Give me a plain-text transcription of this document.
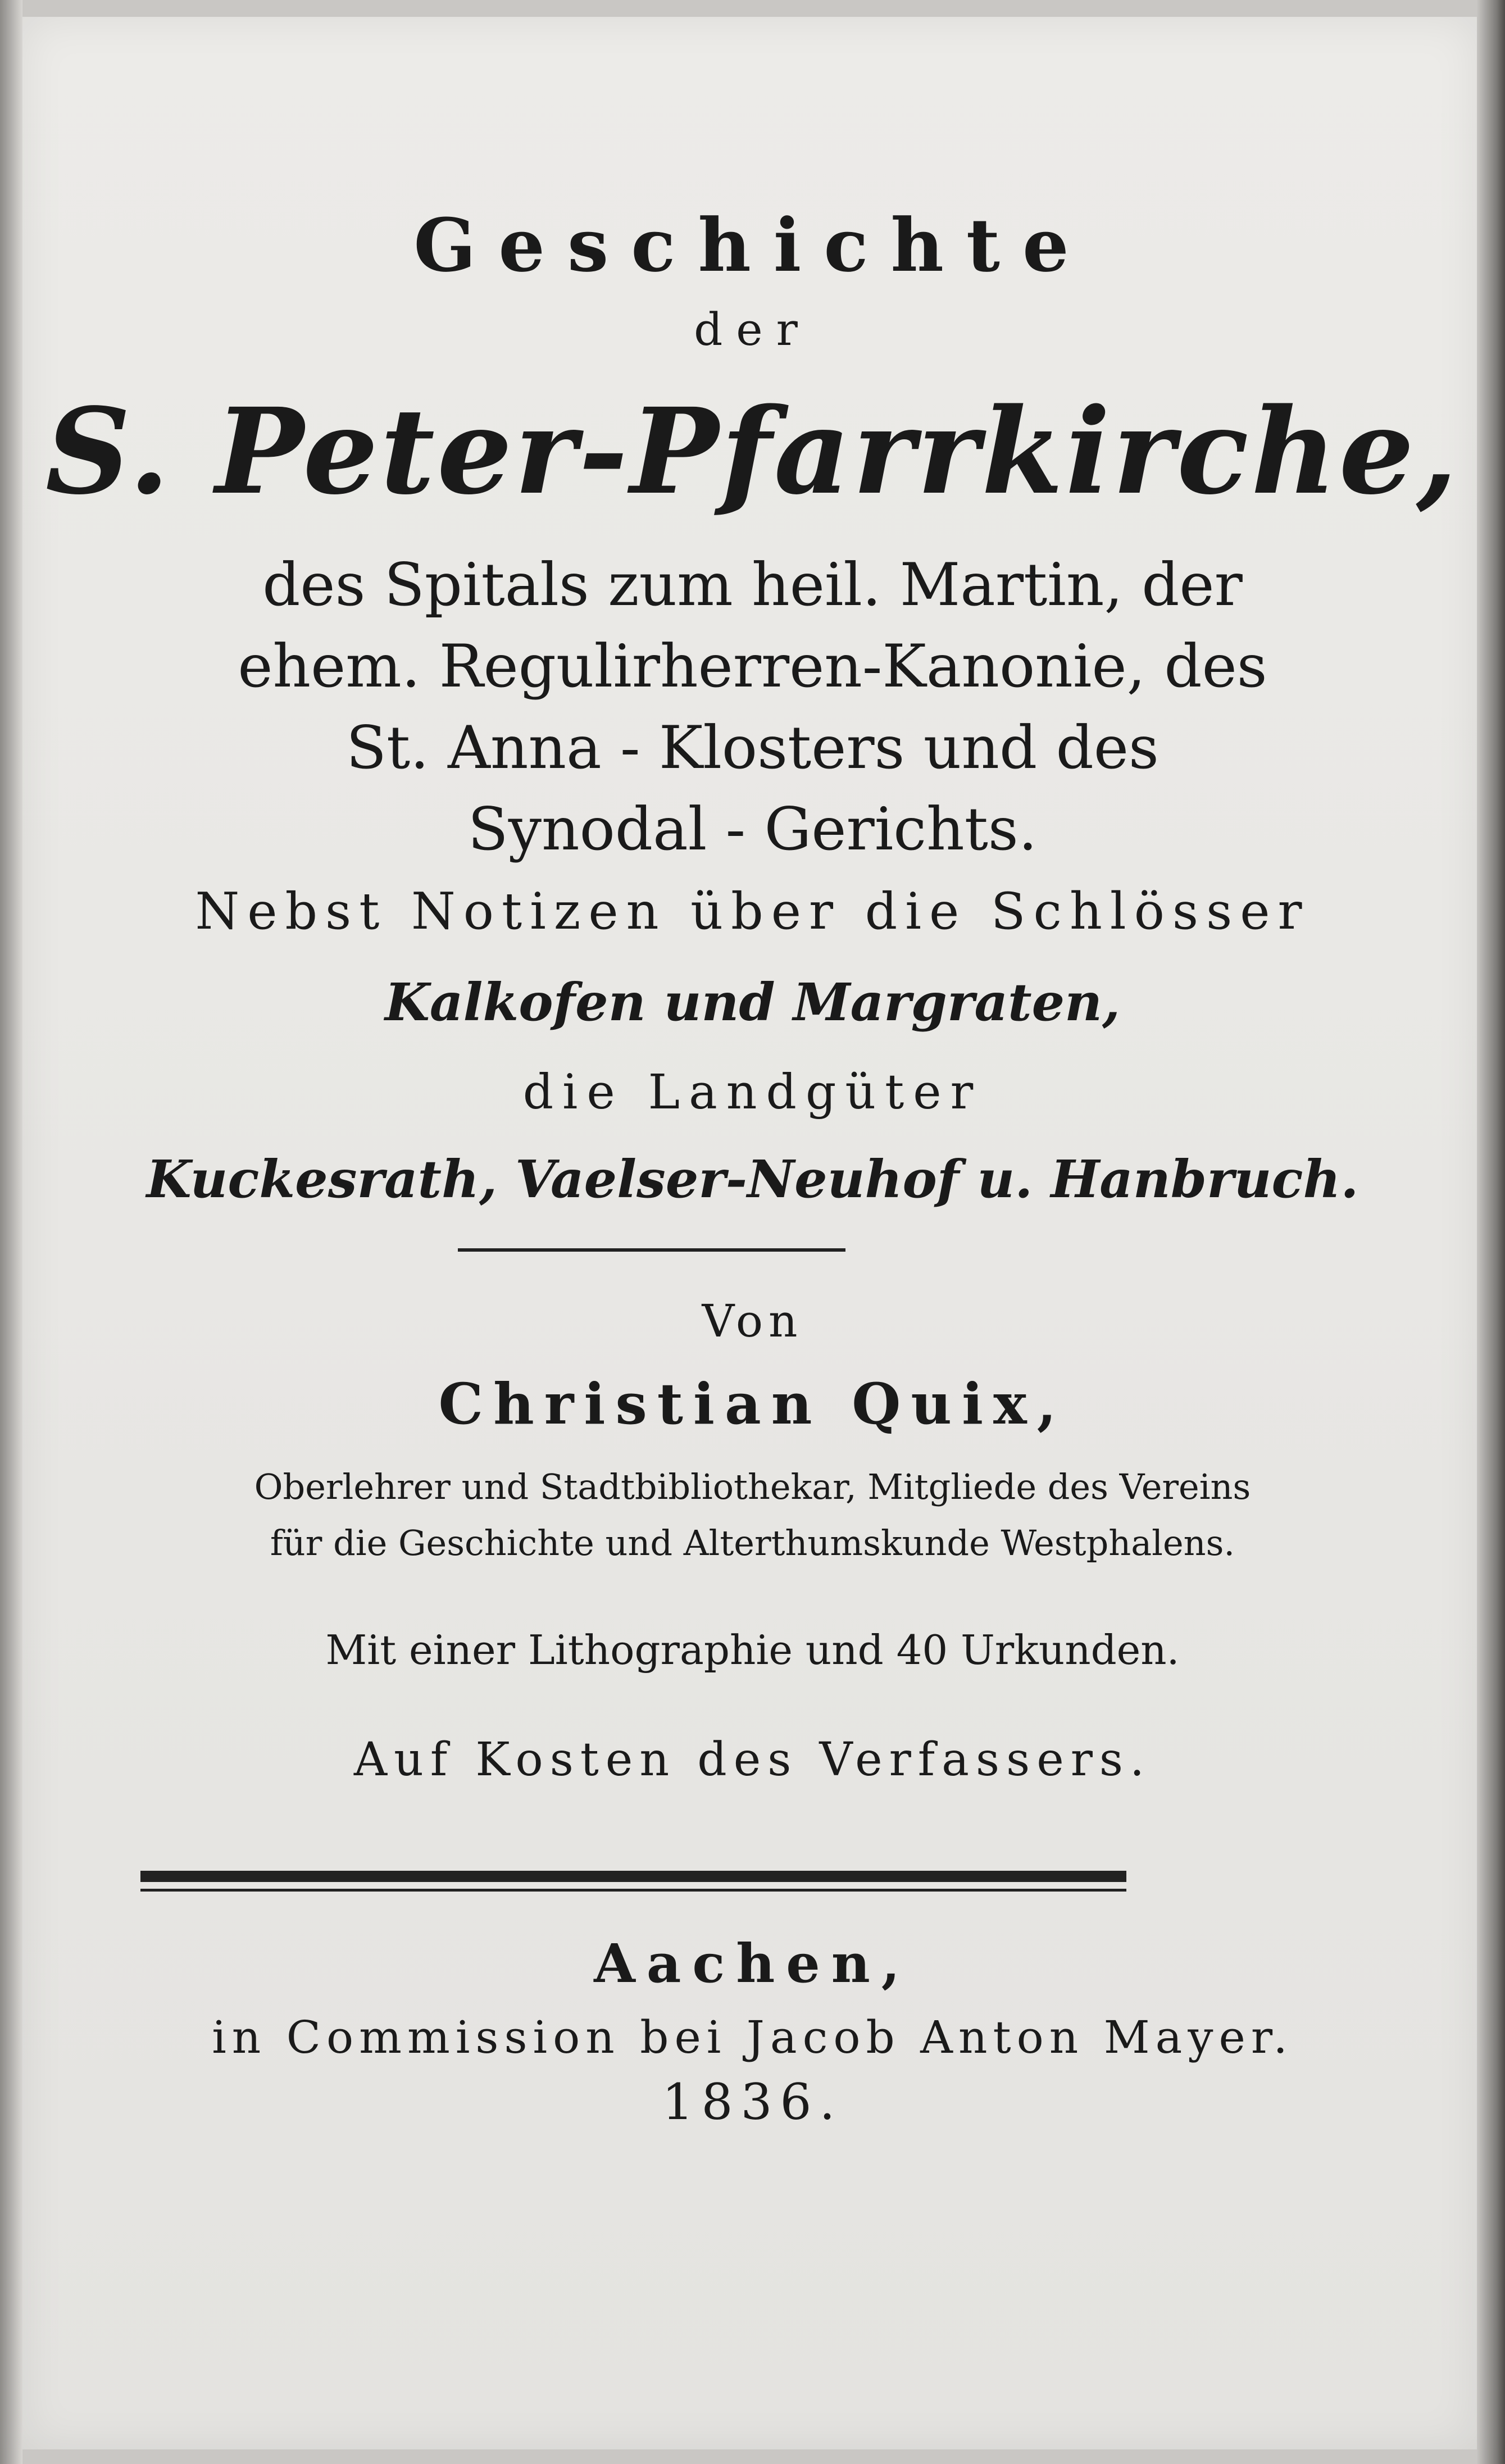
Geschichte
der
S. Peter-Pfarrkirche,
des Spitals zum heil. Martin, der
ehem. Regulirherren-Kanonie, des
St. Anna - Klosters und des
Synodal - Gerichts.
Nebst Notizen über die Schlösser
Kalkofen und Margraten,
die Landgüter
Kuckesrath, Vaelser-Neuhof u. Hanbruch.
Von
Christian Quix,
Oberlehrer und Stadtbibliothekar, Mitgliede des Vereins
für die Geschichte und Alterthumskunde Westphalens.
Mit einer Lithographie und 40 Urkunden.
Auf Kosten des Verfassers.
Aachen,
in Commission bei Jacob Anton Mayer.
1836.
